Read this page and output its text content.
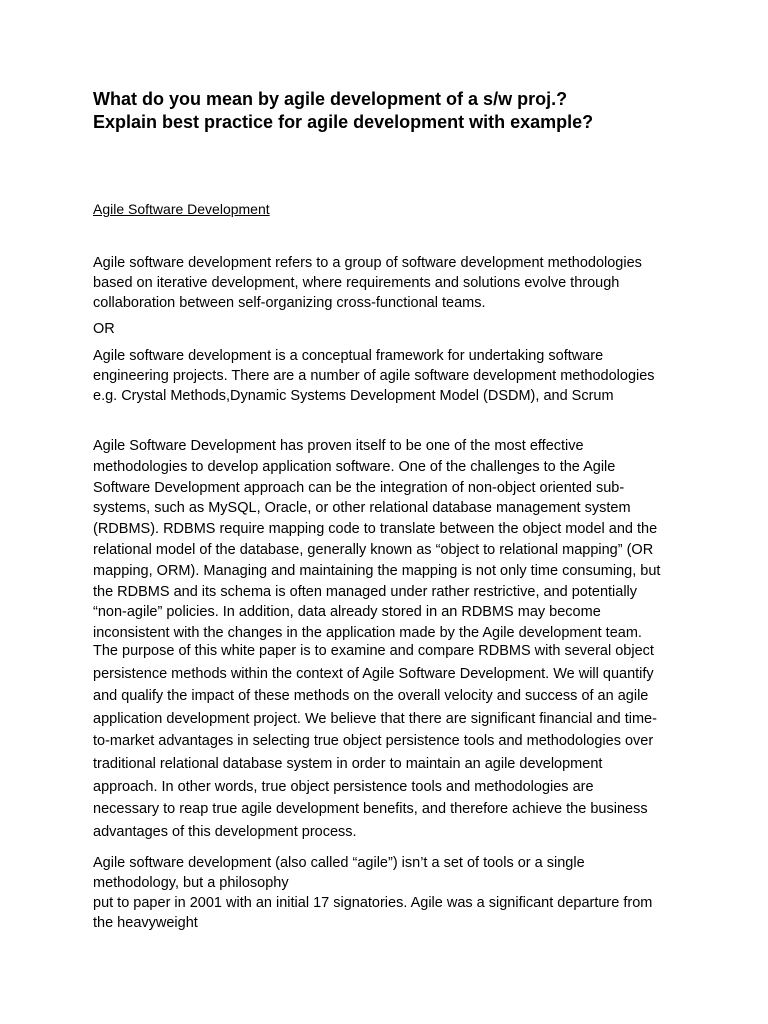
What do you mean by agile development of a s/w proj.?
Explain best practice for agile development with example?
Agile Software Development
Agile software development refers to a group of software development methodologies
based on iterative development, where requirements and solutions evolve through
collaboration between self-organizing cross-functional teams.
OR
Agile software development is a conceptual framework for undertaking software
engineering projects. There are a number of agile software development methodologies
e.g. Crystal Methods,Dynamic Systems Development Model (DSDM), and Scrum
Agile Software Development has proven itself to be one of the most effective
methodologies to develop application software. One of the challenges to the Agile
Software Development approach can be the integration of non-object oriented sub-
systems, such as MySQL, Oracle, or other relational database management system
(RDBMS). RDBMS require mapping code to translate between the object model and the
relational model of the database, generally known as “object to relational mapping” (OR
mapping, ORM). Managing and maintaining the mapping is not only time consuming, but
the RDBMS and its schema is often managed under rather restrictive, and potentially
“non-agile” policies. In addition, data already stored in an RDBMS may become
inconsistent with the changes in the application made by the Agile development team.
The purpose of this white paper is to examine and compare RDBMS with several object
persistence methods within the context of Agile Software Development. We will quantify
and qualify the impact of these methods on the overall velocity and success of an agile
application development project. We believe that there are significant financial and time-
to-market advantages in selecting true object persistence tools and methodologies over
traditional relational database system in order to maintain an agile development
approach. In other words, true object persistence tools and methodologies are
necessary to reap true agile development benefits, and therefore achieve the business
advantages of this development process.
Agile software development (also called “agile”) isn’t a set of tools or a single
methodology, but a philosophy
put to paper in 2001 with an initial 17 signatories. Agile was a significant departure from
the heavyweight
